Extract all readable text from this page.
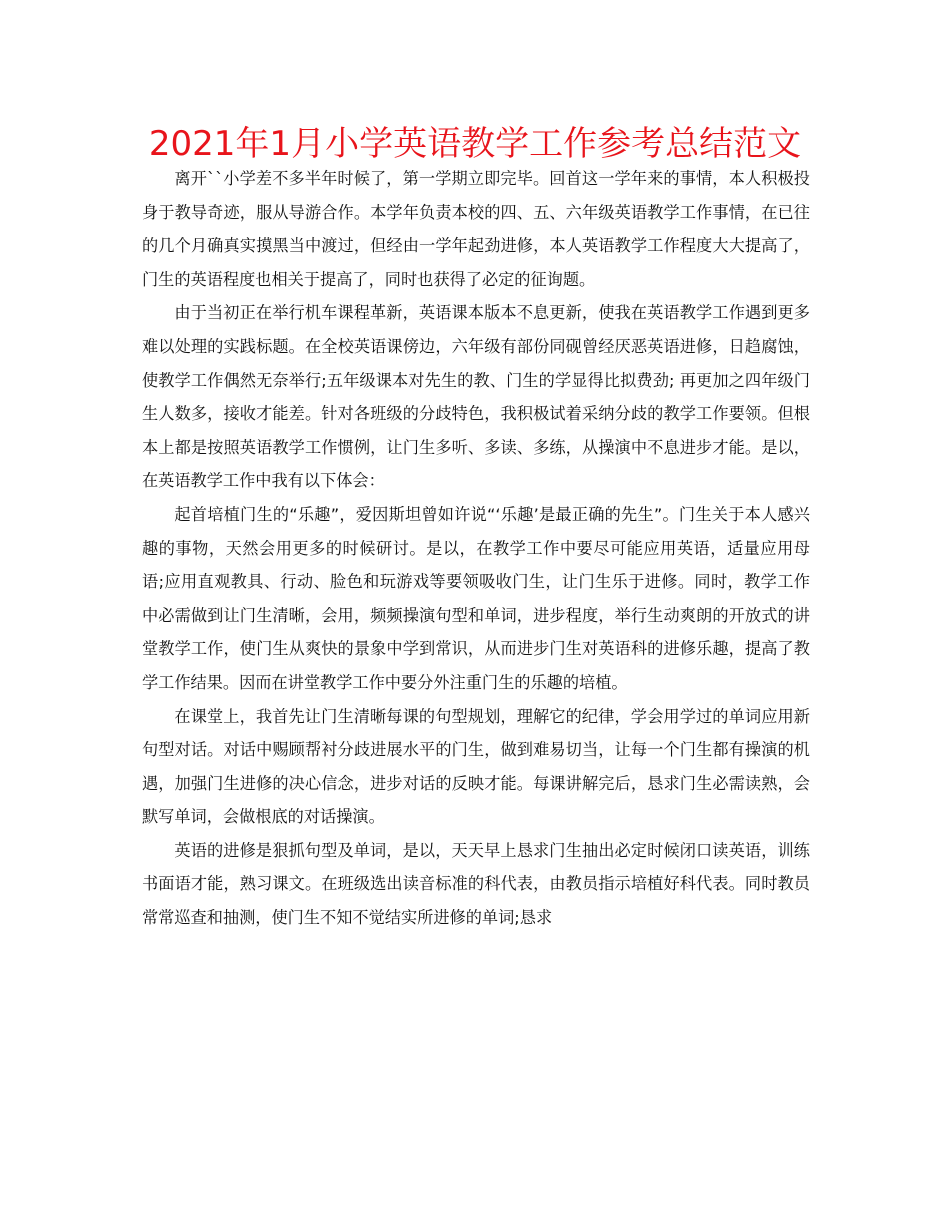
2021年1月小学英语教学工作参考总结范文

离开``小学差不多半年时候了，第一学期立即完毕。回首这一学年来的事情，本人积极投身于教导奇迹，服从导游合作。本学年负责本校的四、五、六年级英语教学工作事情，在已往的几个月确真实摸黑当中渡过，但经由一学年起劲进修，本人英语教学工作程度大大提高了，门生的英语程度也相关于提高了，同时也获得了必定的征询题。

由于当初正在举行机车课程革新，英语课本版本不息更新，使我在英语教学工作遇到更多难以处理的实践标题。在全校英语课傍边，六年级有部份同砚曾经厌恶英语进修，日趋腐蚀，使教学工作偶然无奈举行;五年级课本对先生的教、门生的学显得比拟费劲; 再更加之四年级门生人数多，接收才能差。针对各班级的分歧特色，我积极试着采纳分歧的教学工作要领。但根本上都是按照英语教学工作惯例，让门生多听、多读、多练，从操演中不息进步才能。是以，在英语教学工作中我有以下体会：

起首培植门生的“乐趣”，爱因斯坦曾如许说“‘乐趣’是最正确的先生”。门生关于本人感兴趣的事物，天然会用更多的时候研讨。是以，在教学工作中要尽可能应用英语，适量应用母语;应用直观教具、行动、脸色和玩游戏等要领吸收门生，让门生乐于进修。同时，教学工作中必需做到让门生清晰，会用，频频操演句型和单词，进步程度，举行生动爽朗的开放式的讲堂教学工作，使门生从爽快的景象中学到常识，从而进步门生对英语科的进修乐趣，提高了教学工作结果。因而在讲堂教学工作中要分外注重门生的乐趣的培植。

在课堂上，我首先让门生清晰每课的句型规划，理解它的纪律，学会用学过的单词应用新句型对话。对话中赐顾帮衬分歧进展水平的门生，做到难易切当，让每一个门生都有操演的机遇，加强门生进修的决心信念，进步对话的反映才能。每课讲解完后，恳求门生必需读熟，会默写单词，会做根底的对话操演。

英语的进修是狠抓句型及单词，是以，天天早上恳求门生抽出必定时候闭口读英语，训练书面语才能，熟习课文。在班级选出读音标准的科代表，由教员指示培植好科代表。同时教员常常巡查和抽测，使门生不知不觉结实所进修的单词;恳求
